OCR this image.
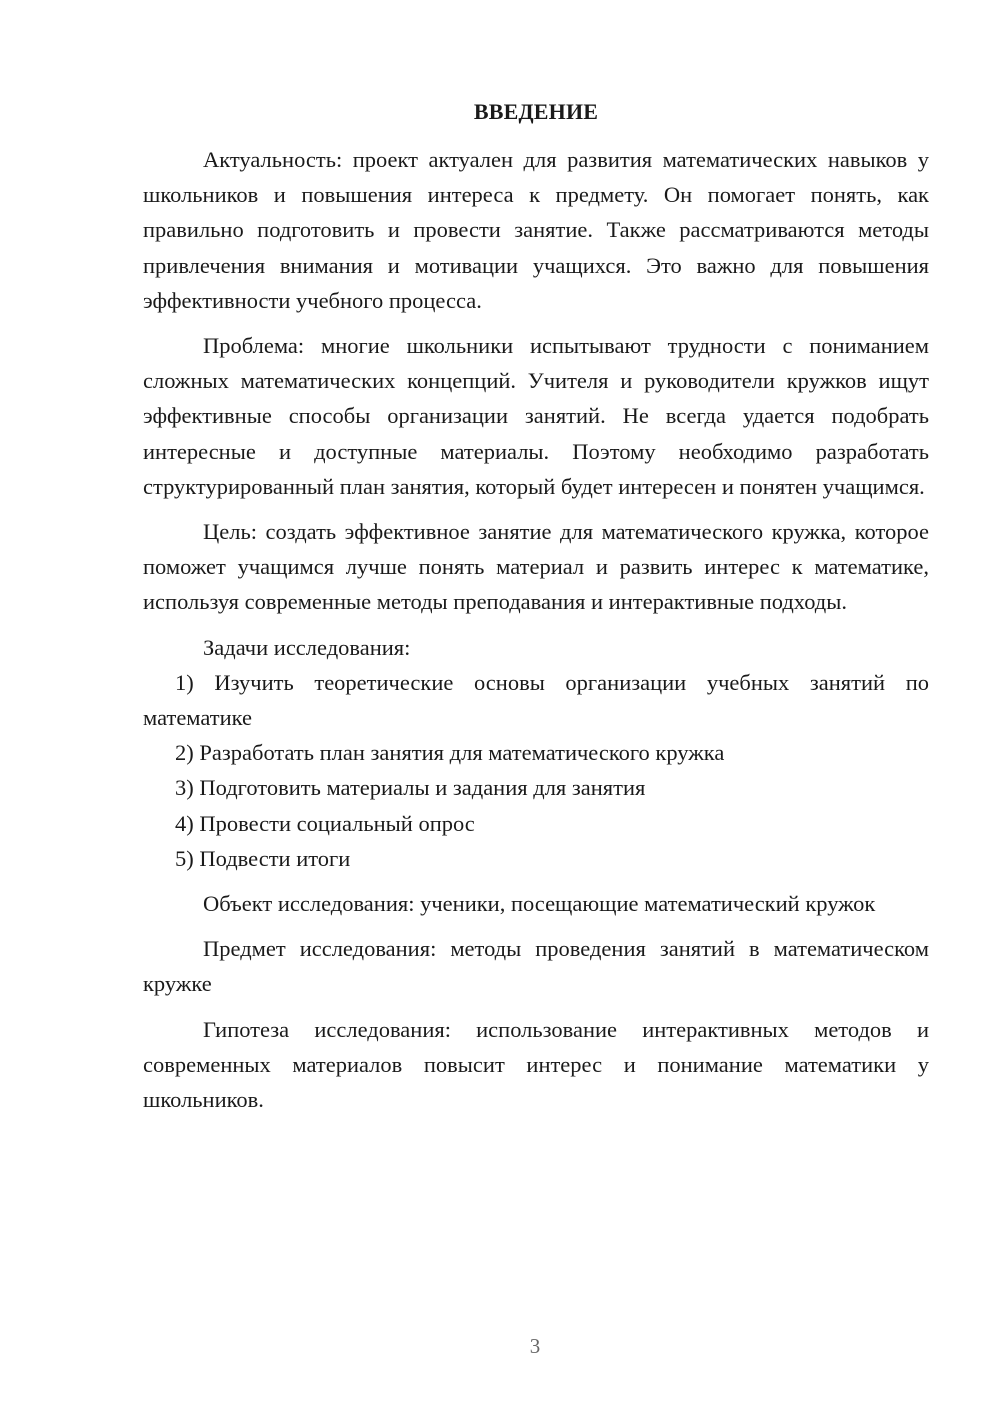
ВВЕДЕНИЕ

Актуальность: проект актуален для развития математических навыков у школьников и повышения интереса к предмету. Он помогает понять, как правильно подготовить и провести занятие. Также рассматриваются методы привлечения внимания и мотивации учащихся. Это важно для повышения эффективности учебного процесса.

Проблема: многие школьники испытывают трудности с пониманием сложных математических концепций. Учителя и руководители кружков ищут эффективные способы организации занятий. Не всегда удается подобрать интересные и доступные материалы. Поэтому необходимо разработать структурированный план занятия, который будет интересен и понятен учащимся.

Цель: создать эффективное занятие для математического кружка, которое поможет учащимся лучше понять материал и развить интерес к математике, используя современные методы преподавания и интерактивные подходы.

Задачи исследования:

1) Изучить теоретические основы организации учебных занятий по математике

2) Разработать план занятия для математического кружка

3) Подготовить материалы и задания для занятия

4) Провести социальный опрос

5) Подвести итоги

Объект исследования: ученики, посещающие математический кружок

Предмет исследования: методы проведения занятий в математическом кружке

Гипотеза исследования: использование интерактивных методов и современных материалов повысит интерес и понимание математики у школьников.

3
